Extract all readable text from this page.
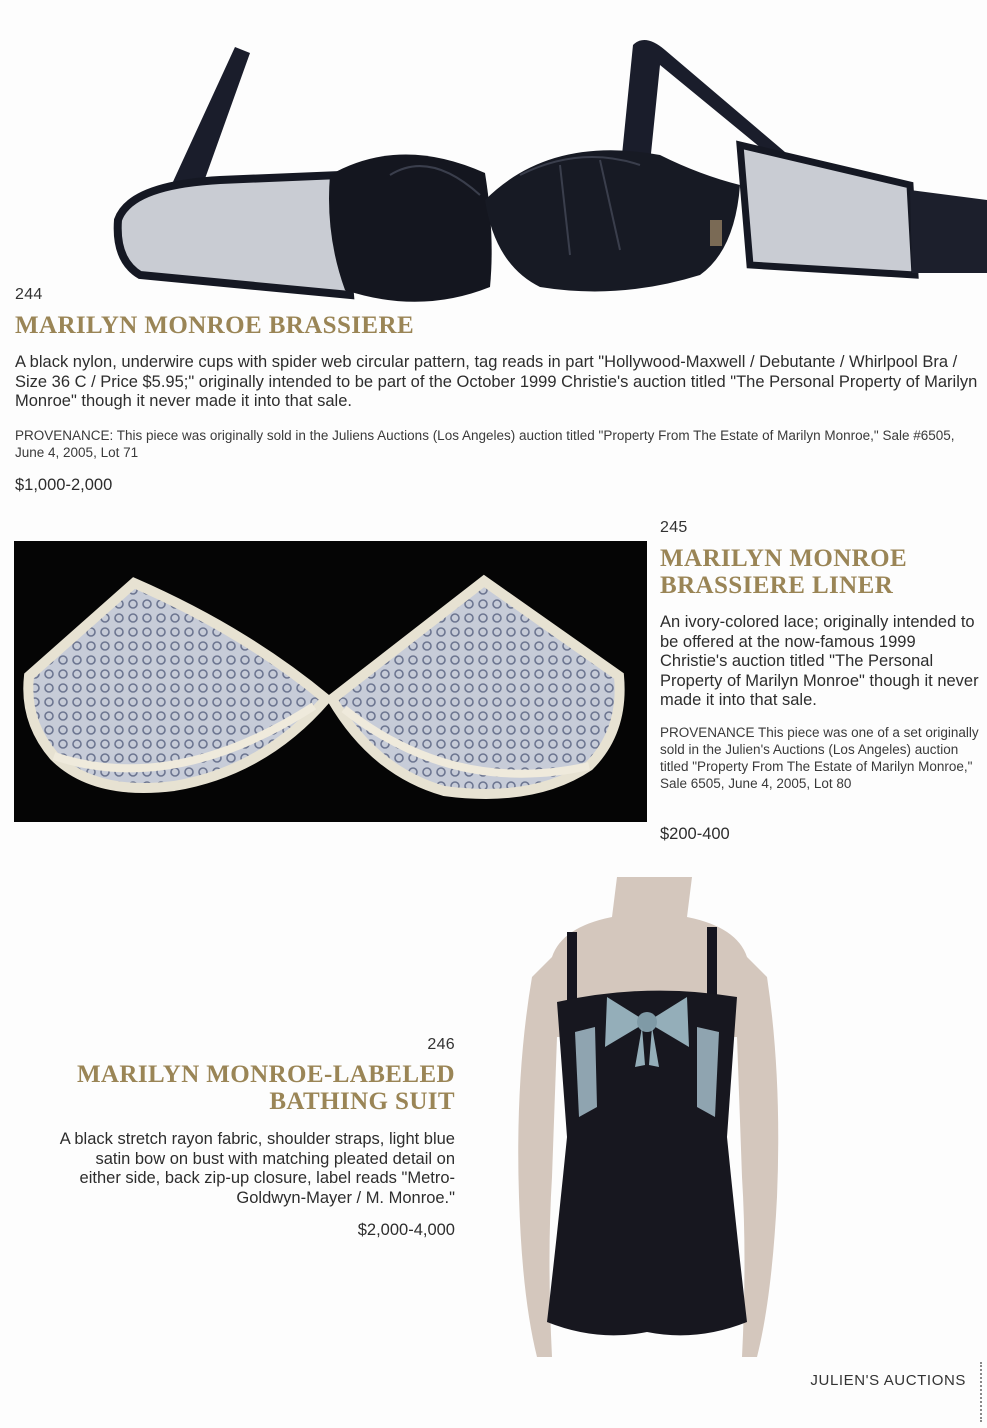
244
MARILYN MONROE BRASSIERE
A black nylon, underwire cups with spider web circular pattern, tag reads in part "Hollywood-Maxwell / Debutante / Whirlpool Bra / Size 36 C / Price $5.95;" originally intended to be part of the October 1999 Christie's auction titled "The Personal Property of Marilyn Monroe" though it never made it into that sale.
PROVENANCE: This piece was originally sold in the Juliens Auctions (Los Angeles) auction titled "Property From The Estate of Marilyn Monroe," Sale #6505, June 4, 2005, Lot 71
$1,000-2,000
245
MARILYN MONROE BRASSIERE LINER
An ivory-colored lace; originally intended to be offered at the now-famous 1999 Christie's auction titled "The Personal Property of Marilyn Monroe" though it never made it into that sale.
PROVENANCE This piece was one of a set originally sold in the Julien's Auctions (Los Angeles) auction titled "Property From The Estate of Marilyn Monroe," Sale 6505, June 4, 2005, Lot 80
$200-400
246
MARILYN MONROE-LABELED BATHING SUIT
A black stretch rayon fabric, shoulder straps, light blue satin bow on bust with matching pleated detail on either side, back zip-up closure, label reads "Metro-Goldwyn-Mayer / M. Monroe."
$2,000-4,000
JULIEN'S AUCTIONS
